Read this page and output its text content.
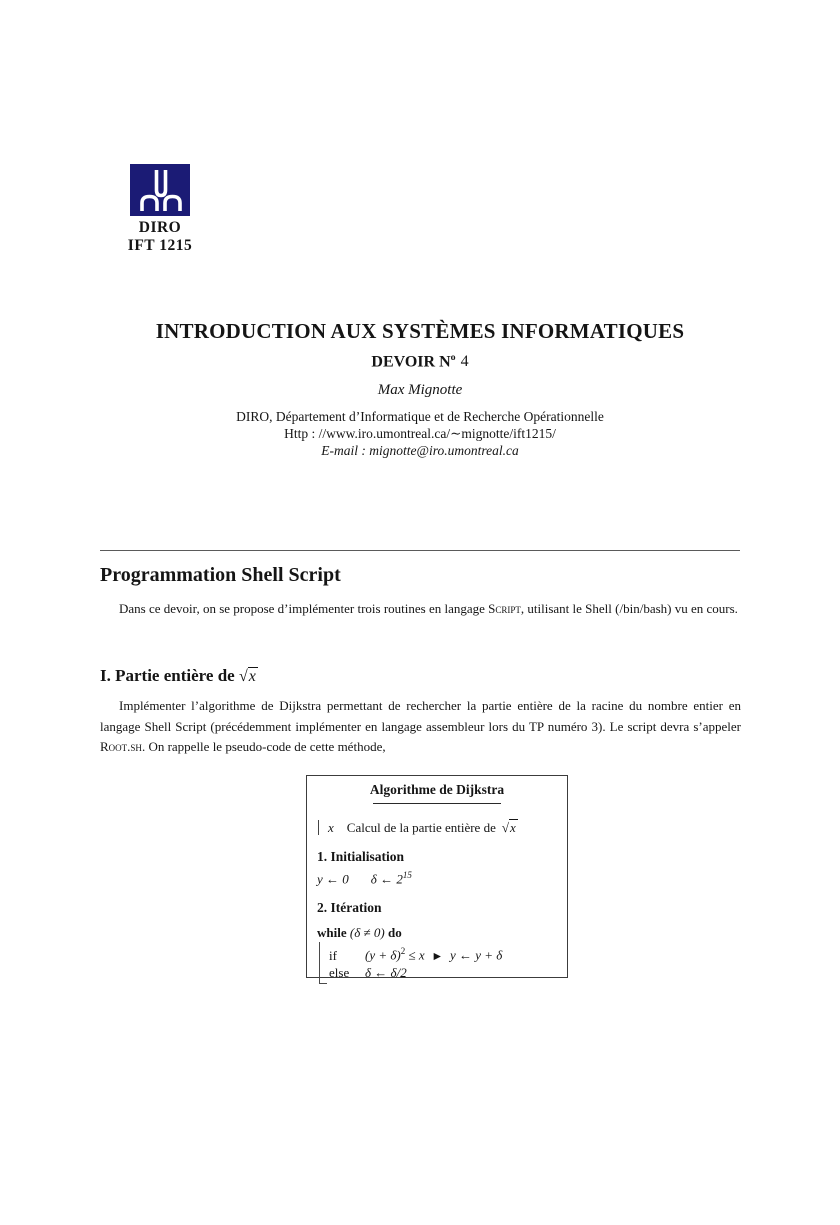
DIRO
IFT 1215
INTRODUCTION AUX SYSTÈMES INFORMATIQUES
DEVOIR $N^o$ 4
Max Mignotte
DIRO, Département d’Informatique et de Recherche Opérationnelle
Http : //www.iro.umontreal.ca/∼mignotte/ift1215/
E-mail : mignotte@iro.umontreal.ca
Programmation Shell Script

Dans ce devoir, on se propose d’implémenter trois routines en langage Script, utilisant le Shell (/bin/bash) vu en cours.

I. Partie entière de √x

Implémenter l’algorithme de Dijkstra permettant de rechercher la partie entière de la racine du nombre entier en langage Shell Script (précédemment implémenter en langage assembleur lors du TP numéro 3). Le script devra s’appeler Root.sh. On rappelle le pseudo-code de cette méthode,

Algorithme de Dijkstra
x Calcul de la partie entière de √x
1. Initialisation
y ← 0 δ ← $2^{15}$
2. Itération
while (δ ≠ 0) do
if $(y + \delta)^2 \le x$ ▶ y ← y + δ
else δ ← δ/2
